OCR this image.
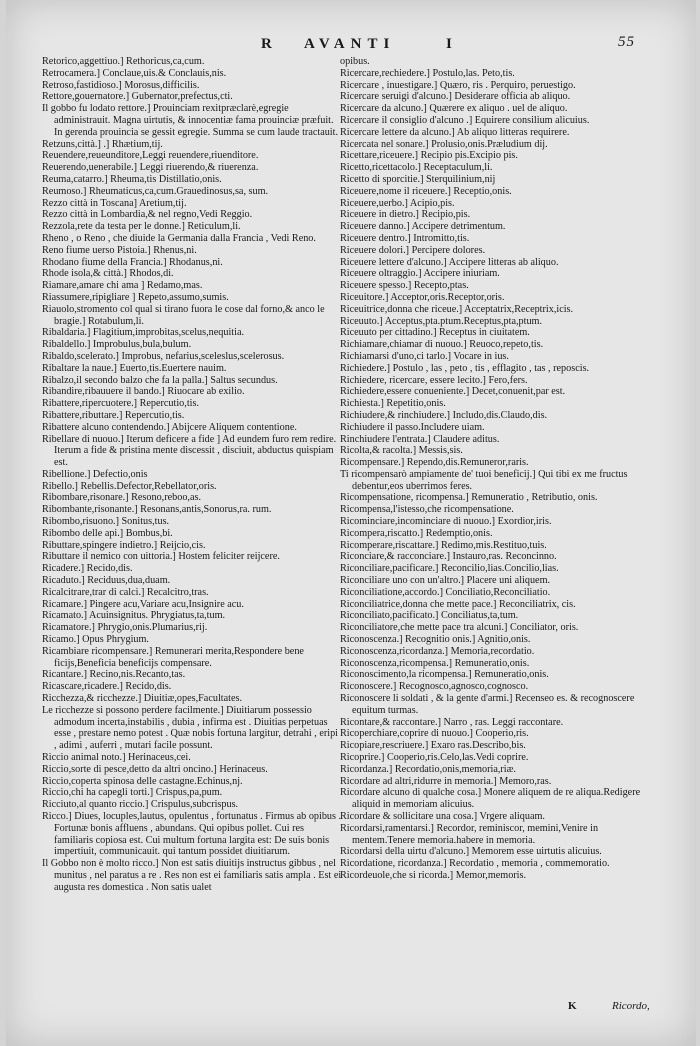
R AVANTI	I	55

Retorico,aggettiuo.] Rethoricus,ca,cum.

Retrocamera.] Conclaue,uis.& Conclauis,nis.

Retroso,fastidioso.] Morosus,difficilis.

Rettore,gouernatore.] Gubernator,prefectus,cti.

Il gobbo fu lodato rettore.] Prouinciam rexitpræclarè,egregie administrauit. Magna uirtutis, & innocentiæ fama prouinciæ præfuit. In gerenda prouincia se gessit egregie. Summa se cum laude tractauit.

Retzuns,città.] .] Rhætium,tij.

Reuendere,reueunditore,Leggi reuendere,riuenditore.

Reuerendo,uenerabile.] Leggi riuerendo,& riuerenza.

Reuma,catarro.] Rheuma,tis Distillatio,onis.

Reumoso.] Rheumaticus,ca,cum.Grauedinosus,sa, sum.

Rezzo città in Toscana] Aretium,tij.

Rezzo città in Lombardia,& nel regno,Vedi Reggio.

Rezzola,rete da testa per le donne.] Reticulum,li.

Rheno , o Reno , che diuide la Germania dalla Francia , Vedi Reno.

Reno fiume uerso Pistoia.] Rhenus,ni.

Rhodano fiume della Francia.] Rhodanus,ni.

Rhode isola,& città.] Rhodos,di.

Riamare,amare chi ama ] Redamo,mas.

Riassumere,ripigliare ] Repeto,assumo,sumis.

Riauolo,stromento col qual si tirano fuora le cose dal forno,& anco le bragie.] Rotabulum,li.

Ribaldaria.] Flagitium,improbitas,scelus,nequitia.

Ribaldello.] Improbulus,bula,bulum.

Ribaldo,scelerato.] Improbus, nefarius,sceleslus,scelerosus.

Ribaltare la naue.] Euerto,tis.Euertere nauim.

Ribalzo,il secondo balzo che fa la palla.] Saltus secundus.

Ribandire,ribauuere il bando.] Riuocare ab exilio.

Ribattere,ripercuotere.] Repercutio,tis.

Ribattere,ributtare.] Repercutio,tis.

Ribattere alcuno contendendo.] Abijcere Aliquem contentione.

Ribellare di nuouo.] Iterum deficere a fide ] Ad eundem furo rem redire. Iterum a fide & pristina mente discessit , disciuit, abductus quispiam est.

Ribellione.] Defectio,onis

Ribello.] Rebellis.Defector,Rebellator,oris.

Ribombare,risonare.] Resono,reboo,as.

Ribombante,risonante.] Resonans,antis,Sonorus,ra. rum.

Ribombo,risuono.] Sonitus,tus.

Ribombo delle api.] Bombus,bi.

Ributtare,spingere indietro.] Reijcio,cis.

Ributtare il nemico con uittoria.] Hostem feliciter reijcere.

Ricadere.] Recido,dis.

Ricaduto.] Reciduus,dua,duam.

Ricalcitrare,trar di calci.] Recalcitro,tras.

Ricamare.] Pingere acu,Variare acu,Insignire acu.

Ricamato.] Acuinsignitus. Phrygiatus,ta,tum.

Ricamatore.] Phrygio,onis.Plumarius,rij.

Ricamo.] Opus Phrygium.

Ricambiare ricompensare.] Remunerari merita,Respondere bene ficijs,Beneficia beneficijs compensare.

Ricantare.] Recino,nis.Recanto,tas.

Ricascare,ricadere.] Recido,dis.

Ricchezza,& ricchezze.] Diuitiæ,opes,Facultates.

Le ricchezze si possono perdere facilmente.] Diuitiarum possessio admodum incerta,instabilis , dubia , infirma est . Diuitias perpetuas esse , prestare nemo potest . Quæ nobis fortuna largitur, detrahi , eripi , adimi , auferri , mutari facile possunt.

Riccio animal noto.] Herinaceus,cei.

Riccio,sorte di pesce,detto da altri oncino.] Herinaceus.

Riccio,coperta spinosa delle castagne.Echinus,nj.

Riccio,chi ha capegli torti.] Crispus,pa,pum.

Ricciuto,al quanto riccio.] Crispulus,subcrispus.

Ricco.] Diues, locuples,lautus, opulentus , fortunatus . Firmus ab opibus . Fortunæ bonis affluens , abundans. Qui opibus pollet. Cui res familiaris copiosa est. Cui multum fortuna largita est: De suis bonis impertiuit, communicauit. qui tantum possidet diuitiarum.

Il Gobbo non è molto ricco.] Non est satis diuitijs instructus gibbus , nel munitus , nel paratus a re . Res non est ei familiaris satis ampla . Est ei augusta res domestica . Non satis ualet

opibus.

Ricercare,rechiedere.] Postulo,las. Peto,tis.

Ricercare , inuestigare.] Quæro, ris . Perquiro, peruestigo.

Ricercare seruigi d'alcuno.] Desiderare officia ab aliquo.

Ricercare da alcuno.] Quærere ex aliquo . uel de aliquo.

Ricercare il consiglio d'alcuno .] Equirere consilium alicuius.

Ricercare lettere da alcuno.] Ab aliquo litteras requirere.

Ricercata nel sonare.] Prolusio,onis.Præludium dij.

Ricettare,riceuere.] Recipio pis.Excipio pis.

Ricetto,ricettacolo.] Receptaculum,li.

Ricetto di sporcitie.] Sterquilinium,nij

Riceuere,nome il riceuere.] Receptio,onis.

Riceuere,uerbo.] Acipio,pis.

Riceuere in dietro.] Recipio,pis.

Riceuere danno.] Accipere detrimentum.

Riceuere dentro.] Intromitto,tis.

Riceuere dolori.] Percipere dolores.

Riceuere lettere d'alcuno.] Accipere litteras ab aliquo.

Riceuere oltraggio.] Accipere iniuriam.

Riceuere spesso.] Recepto,ptas.

Riceuitore.] Acceptor,oris.Receptor,oris.

Riceuitrice,donna che riceue.] Acceptatrix,Receptrix,icis.

Riceuuto.] Acceptus,pta.ptum.Receptus,pta,ptum.

Riceuuto per cittadino.] Receptus in ciuitatem.

Richiamare,chiamar di nuouo.] Reuoco,repeto,tis.

Richiamarsi d'uno,ci tarlo.] Vocare in ius.

Richiedere.] Postulo , las , peto , tis , efflagito , tas , reposcis.

Richiedere, ricercare, essere lecito.] Fero,fers.

Richiedere,essere conueniente.] Decet,conuenit,par est.

Richiesta.] Repetitio,onis.

Richiudere,& rinchiudere.] Includo,dis.Claudo,dis.

Richiudere il passo.Includere uiam.

Rinchiudere l'entrata.] Claudere aditus.

Ricolta,& racolta.] Messis,sis.

Ricompensare.] Rependo,dis.Remuneror,raris.

Ti ricompensarò ampiamente de' tuoi beneficij.] Qui tibi ex me fructus debentur,eos uberrimos feres.

Ricompensatione, ricompensa.] Remuneratio , Retributio, onis.

Ricompensa,l'istesso,che ricompensatione.

Ricominciare,incominciare di nuouo.] Exordior,iris.

Ricompera,riscatto.] Redemptio,onis.

Ricomperare,riscattare.] Redimo,mis.Restituo,tuis.

Riconciare,& racconciare.] Instauro,ras. Reconcinno.

Riconciliare,pacificare.] Reconcilio,lias.Concilio,lias.

Riconciliare uno con un'altro.] Placere uni aliquem.

Riconciliatione,accordo.] Conciliatio,Reconciliatio.

Riconciliatrice,donna che mette pace.] Reconciliatrix, cis.

Riconciliato,pacificato.] Conciliatus,ta,tum.

Riconciliatore,che mette pace tra alcuni.] Conciliator, oris.

Riconoscenza.] Recognitio onis.] Agnitio,onis.

Riconoscenza,ricordanza.] Memoria,recordatio.

Riconoscenza,ricompensa.] Remuneratio,onis.

Riconoscimento,la ricompensa.] Remuneratio,onis.

Riconoscere.] Recognosco,agnosco,cognosco.

Riconoscere li soldati , & la gente d'armi.] Recenseo es. & recognoscere equitum turmas.

Ricontare,& raccontare.] Narro , ras. Leggi raccontare.

Ricoperchiare,coprire di nuouo.] Cooperio,ris.

Ricopiare,rescriuere.] Exaro ras.Describo,bis.

Ricoprire.] Cooperio,ris.Celo,las.Vedi coprire.

Ricordanza.] Recordatio,onis,memoria,riæ.

Ricordare ad altri,ridurre in memoria.] Memoro,ras.

Ricordare alcuno di qualche cosa.] Monere aliquem de re aliqua.Redigere aliquid in memoriam alicuius.

Ricordare & sollicitare una cosa.] Vrgere aliquam.

Ricordarsi,ramentarsi.] Recordor, reminiscor, memini,Venire in mentem.Tenere memoria.habere in memoria.

Ricordarsi della uirtu d'alcuno.] Memorem esse uirtutis alicuius.

Ricordatione, ricordanza.] Recordatio , memoria , commemoratio.

Ricordeuole,che si ricorda.] Memor,memoris.

K	Ricordo,
